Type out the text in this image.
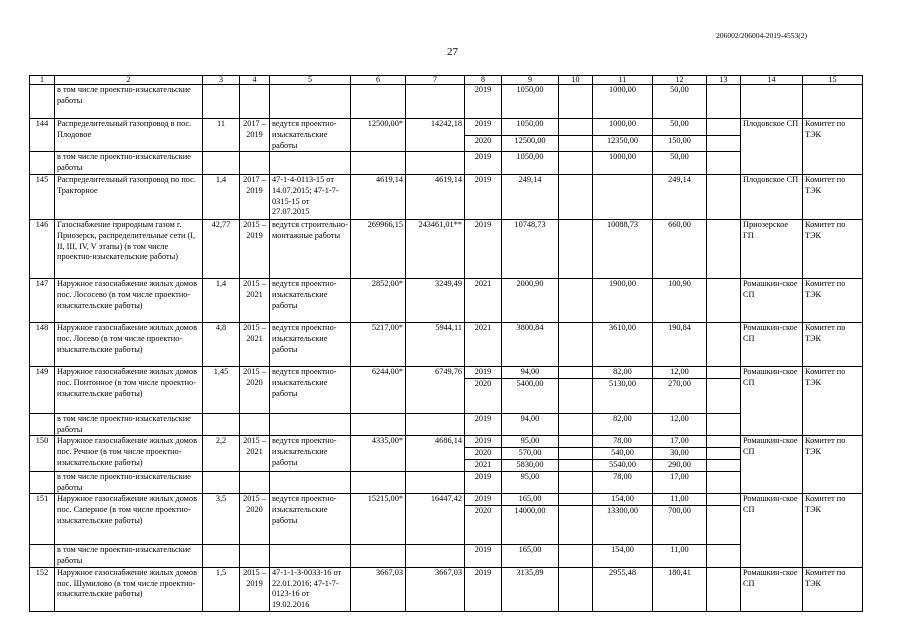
206002/206004-2019-4553(2)
27
1	2	3	4	5	6	7	8	9	10	11	12	13	14	15	
	в том числе проектно-изыскательские работы						2019	1050,00		1000,00	50,00					
144	Распределительный газопровод в пос. Плодовое	11	2017 – 2019	ведутся проектно-изыскательские работы	12500,00*	14242,18	2019	1050,00		1000,00	50,00		Плодовское СП	Комитет по ТЭК	
							2020	12500,00		12350,00	150,00				
	в том числе проектно-изыскательские работы						2019	1050,00		1000,00	50,00				
145	Распределительный газопровод по пос. Тракторное	1,4	2017 – 2019	47-1-4-0113-15 от 14.07.2015; 47-1-7-0315-15 от 27.07.2015	4619,14	4619,14	2019	249,14			249,14		Плодовское СП	Комитет по ТЭК	
146	Газоснабжение природным газом г. Приозерск, распределительные сети (I, II, III, IV, V этапы) (в том числе проектно-изыскательские работы)	42,77	2015 – 2019	ведутся строительно-монтажные работы	269966,15	243461,01**	2019	10748,73		10088,73	660,00		Приозерское ГП	Комитет по ТЭК	
147	Наружное газоснабжение жилых домов пос. Лососево (в том числе проектно-изыскательские работы)	1,4	2015 – 2021	ведутся проектно-изыскательские работы	2852,00*	3249,49	2021	2000,90		1900,00	100,90		Ромашкин-ское СП	Комитет по ТЭК	
148	Наружное газоснабжение жилых домов пос. Лосево (в том числе проектно-изыскательские работы)	4,8	2015 – 2021	ведутся проектно-изыскательские работы	5217,00*	5944,11	2021	3800,84		3610,00	190,84		Ромашкин-ское СП	Комитет по ТЭК	
149	Наружное газоснабжение жилых домов пос. Понтонное (в том числе проектно-изыскательские работы)	1,45	2015 – 2020	ведутся проектно-изыскательские работы	6244,00*	6749,76	2019	94,00		82,00	12,00		Ромашкин-ское СП	Комитет по ТЭК	
							2020	5400,00		5130,00	270,00				
	в том числе проектно-изыскательские работы						2019	94,00		82,00	12,00				
150	Наружное газоснабжение жилых домов пос. Речное (в том числе проектно-изыскательские работы)	2,2	2015 – 2021	ведутся проектно-изыскательские работы	4335,00*	4686,14	2019	95,00		78,00	17,00		Ромашкин-ское СП	Комитет по ТЭК	
							2020	570,00		540,00	30,00				
							2021	5830,00		5540,00	290,00				
	в том числе проектно-изыскательские работы						2019	95,00		78,00	17,00				
151	Наружное газоснабжение жилых домов пос. Саперное (в том числе проектно-изыскательские работы)	3,5	2015 – 2020	ведутся проектно-изыскательские работы	15215,00*	16447,42	2019	165,00		154,00	11,00		Ромашкин-ское СП	Комитет по ТЭК	
							2020	14000,00		13300,00	700,00				
	в том числе проектно-изыскательские работы						2019	165,00		154,00	11,00				
152	Наружное газоснабжение жилых домов пос. Шумилово (в том числе проектно-изыскательские работы)	1,5	2015 – 2019	47-1-1-3-0033-16 от 22.01.2016; 47-1-7-0123-16 от 19.02.2016	3667,03	3667,03	2019	3135,89		2955,48	180,41		Ромашкин-ское СП	Комитет по ТЭК	
